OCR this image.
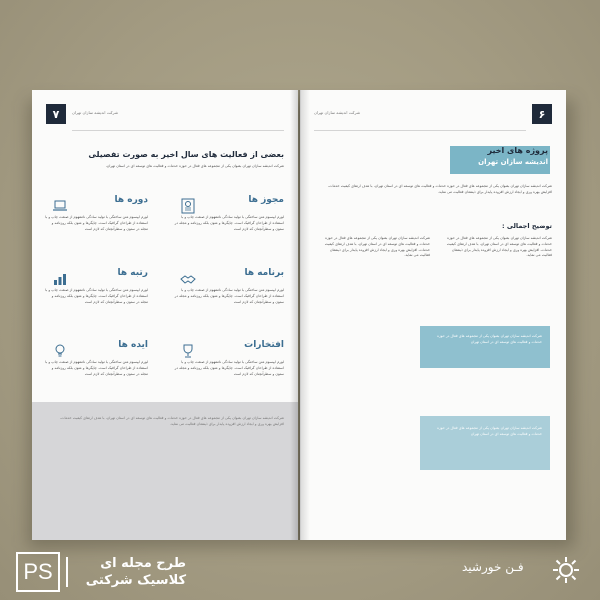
۷	شرکت اندیشه سازان تهران
بعضی از فعالیت های سال اخیر به صورت تفصیلی
شرکت اندیشه سازان تهران بعنوان یکی از مجموعه های فعال در حوزه خدمات و فعالیت های توسعه ای در استان تهران،
مجوز ها
لورم ایپسوم متن ساختگی با تولید سادگی نامفهوم از صنعت چاپ و با استفاده از طراحان گرافیک است. چاپگرها و متون بلکه روزنامه و مجله در ستون و سطرآنچنان که لازم است
دوره ها
لورم ایپسوم متن ساختگی با تولید سادگی نامفهوم از صنعت چاپ و با استفاده از طراحان گرافیک است. چاپگرها و متون بلکه روزنامه و مجله در ستون و سطرآنچنان که لازم است
برنامه ها
لورم ایپسوم متن ساختگی با تولید سادگی نامفهوم از صنعت چاپ و با استفاده از طراحان گرافیک است. چاپگرها و متون بلکه روزنامه و مجله در ستون و سطرآنچنان که لازم است
رتبه ها
لورم ایپسوم متن ساختگی با تولید سادگی نامفهوم از صنعت چاپ و با استفاده از طراحان گرافیک است. چاپگرها و متون بلکه روزنامه و مجله در ستون و سطرآنچنان که لازم است
افتخارات
لورم ایپسوم متن ساختگی با تولید سادگی نامفهوم از صنعت چاپ و با استفاده از طراحان گرافیک است. چاپگرها و متون بلکه روزنامه و مجله در ستون و سطرآنچنان که لازم است
ایده ها
لورم ایپسوم متن ساختگی با تولید سادگی نامفهوم از صنعت چاپ و با استفاده از طراحان گرافیک است. چاپگرها و متون بلکه روزنامه و مجله در ستون و سطرآنچنان که لازم است
شرکت اندیشه سازان تهران بعنوان یکی از مجموعه های فعال در حوزه خدمات و فعالیت های توسعه ای در استان تهران، با هدف ارتقای کیفیت خدمات، افزایش بهره وری و ایجاد ارزش افزوده پایدار برای ذینفعان فعالیت می نماید.
۶
شرکت اندیشه سازان تهران
پروژه های اخیر
اندیشه سازان تهران
شرکت اندیشه سازان تهران بعنوان یکی از مجموعه های فعال در حوزه خدمات و فعالیت های توسعه ای در استان تهران، با هدف ارتقای کیفیت خدمات، افزایش بهره وری و ایجاد ارزش افزوده پایدار برای ذینفعان فعالیت می نماید.
توضیح اجمالی :
شرکت اندیشه سازان تهران بعنوان یکی از مجموعه های فعال در حوزه خدمات و فعالیت های توسعه ای در استان تهران، با هدف ارتقای کیفیت خدمات، افزایش بهره وری و ایجاد ارزش افزوده پایدار برای ذینفعان فعالیت می نماید.
شرکت اندیشه سازان تهران بعنوان یکی از مجموعه های فعال در حوزه خدمات و فعالیت های توسعه ای در استان تهران، با هدف ارتقای کیفیت خدمات، افزایش بهره وری و ایجاد ارزش افزوده پایدار برای ذینفعان فعالیت می نماید.
شرکت اندیشه سازان تهران بعنوان یکی از مجموعه های فعال در حوزه خدمات و فعالیت های توسعه ای در استان تهران
شرکت اندیشه سازان تهران بعنوان یکی از مجموعه های فعال در حوزه خدمات و فعالیت های توسعه ای در استان تهران
PS	طرح مجله ای
کلاسیک شرکتی
فـن خورشید
